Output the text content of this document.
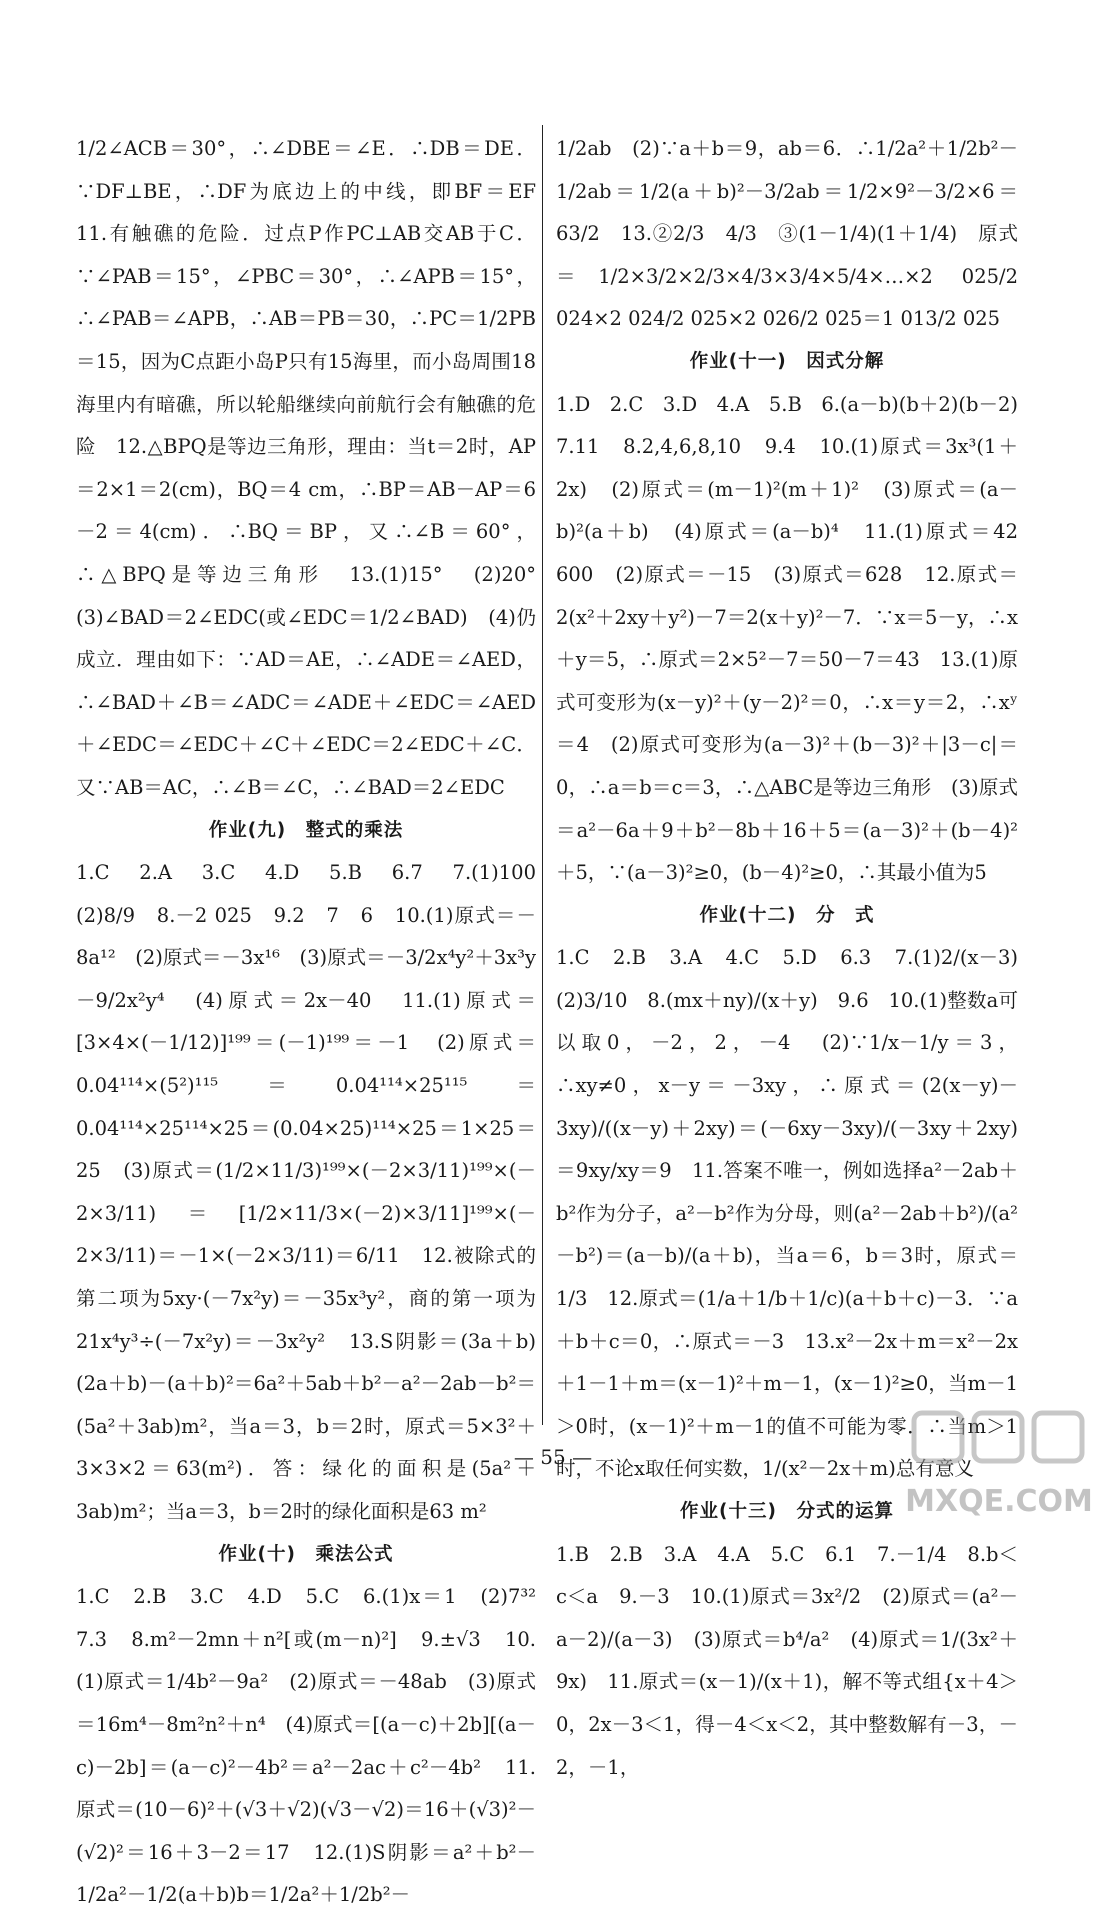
1/2∠ACB＝30°，∴∠DBE＝∠E．∴DB＝DE．∵DF⊥BE，∴DF为底边上的中线，即BF＝EF　11.有触礁的危险．过点P作PC⊥AB交AB于C．∵∠PAB＝15°，∠PBC＝30°，∴∠APB＝15°，∴∠PAB＝∠APB，∴AB＝PB＝30，∴PC＝1/2PB＝15，因为C点距小岛P只有15海里，而小岛周围18海里内有暗礁，所以轮船继续向前航行会有触礁的危险　12.△BPQ是等边三角形，理由：当t＝2时，AP＝2×1＝2(cm)，BQ＝4 cm，∴BP＝AB－AP＝6－2＝4(cm)．∴BQ＝BP，又∴∠B＝60°，∴△BPQ是等边三角形　13.(1)15°　(2)20°　(3)∠BAD＝2∠EDC(或∠EDC＝1/2∠BAD)　(4)仍成立．理由如下：∵AD＝AE，∴∠ADE＝∠AED，∴∠BAD＋∠B＝∠ADC＝∠ADE＋∠EDC＝∠AED＋∠EDC＝∠EDC＋∠C＋∠EDC＝2∠EDC＋∠C．又∵AB＝AC，∴∠B＝∠C，∴∠BAD＝2∠EDC
作业(九)　整式的乘法
1.C　2.A　3.C　4.D　5.B　6.7　7.(1)100　(2)8/9　8.－2 025　9.2　7　6　10.(1)原式＝－8a¹²　(2)原式＝－3x¹⁶　(3)原式＝－3/2x⁴y²＋3x³y－9/2x²y⁴　(4)原式＝2x－40　11.(1)原式＝[3×4×(－1/12)]¹⁹⁹＝(－1)¹⁹⁹＝－1　(2)原式＝0.04¹¹⁴×(5²)¹¹⁵＝0.04¹¹⁴×25¹¹⁵＝0.04¹¹⁴×25¹¹⁴×25＝(0.04×25)¹¹⁴×25＝1×25＝25　(3)原式＝(1/2×11/3)¹⁹⁹×(－2×3/11)¹⁹⁹×(－2×3/11)＝[1/2×11/3×(－2)×3/11]¹⁹⁹×(－2×3/11)＝－1×(－2×3/11)＝6/11　12.被除式的第二项为5xy·(－7x²y)＝－35x³y²，商的第一项为21x⁴y³÷(－7x²y)＝－3x²y²　13.S阴影＝(3a＋b)(2a＋b)－(a＋b)²＝6a²＋5ab＋b²－a²－2ab－b²＝(5a²＋3ab)m²，当a＝3，b＝2时，原式＝5×3²＋3×3×2＝63(m²)．答：绿化的面积是(5a²＋3ab)m²；当a＝3，b＝2时的绿化面积是63 m²
作业(十)　乘法公式
1.C　2.B　3.C　4.D　5.C　6.(1)x＝1　(2)7³²　7.3　8.m²－2mn＋n²[或(m－n)²]　9.±√3　10.(1)原式＝1/4b²－9a²　(2)原式＝－48ab　(3)原式＝16m⁴－8m²n²＋n⁴　(4)原式＝[(a－c)＋2b][(a－c)－2b]＝(a－c)²－4b²＝a²－2ac＋c²－4b²　11.原式＝(10－6)²＋(√3＋√2)(√3－√2)＝16＋(√3)²－(√2)²＝16＋3－2＝17　12.(1)S阴影＝a²＋b²－1/2a²－1/2(a＋b)b＝1/2a²＋1/2b²－
1/2ab　(2)∵a＋b＝9，ab＝6．∴1/2a²＋1/2b²－1/2ab＝1/2(a＋b)²－3/2ab＝1/2×9²－3/2×6＝63/2　13.②2/3　4/3　③(1－1/4)(1＋1/4)　原式＝1/2×3/2×2/3×4/3×3/4×5/4×…×2 025/2 024×2 024/2 025×2 026/2 025＝1 013/2 025
作业(十一)　因式分解
1.D　2.C　3.D　4.A　5.B　6.(a－b)(b＋2)(b－2)　7.11　8.2,4,6,8,10　9.4　10.(1)原式＝3x³(1＋2x)　(2)原式＝(m－1)²(m＋1)²　(3)原式＝(a－b)²(a＋b)　(4)原式＝(a－b)⁴　11.(1)原式＝42 600　(2)原式＝－15　(3)原式＝628　12.原式＝2(x²＋2xy＋y²)－7＝2(x＋y)²－7．∵x＝5－y，∴x＋y＝5，∴原式＝2×5²－7＝50－7＝43　13.(1)原式可变形为(x－y)²＋(y－2)²＝0，∴x＝y＝2，∴xʸ＝4　(2)原式可变形为(a－3)²＋(b－3)²＋|3－c|＝0，∴a＝b＝c＝3，∴△ABC是等边三角形　(3)原式＝a²－6a＋9＋b²－8b＋16＋5＝(a－3)²＋(b－4)²＋5，∵(a－3)²≥0，(b－4)²≥0，∴其最小值为5
作业(十二)　分　式
1.C　2.B　3.A　4.C　5.D　6.3　7.(1)2/(x－3)　(2)3/10　8.(mx＋ny)/(x＋y)　9.6　10.(1)整数a可以取0，－2，2，－4　(2)∵1/x－1/y＝3，∴xy≠0，x－y＝－3xy，∴原式＝(2(x－y)－3xy)/((x－y)＋2xy)＝(－6xy－3xy)/(－3xy＋2xy)＝9xy/xy＝9　11.答案不唯一，例如选择a²－2ab＋b²作为分子，a²－b²作为分母，则(a²－2ab＋b²)/(a²－b²)＝(a－b)/(a＋b)，当a＝6，b＝3时，原式＝1/3　12.原式＝(1/a＋1/b＋1/c)(a＋b＋c)－3．∵a＋b＋c＝0，∴原式＝－3　13.x²－2x＋m＝x²－2x＋1－1＋m＝(x－1)²＋m－1，(x－1)²≥0，当m－1＞0时，(x－1)²＋m－1的值不可能为零．∴当m＞1时，不论x取任何实数，1/(x²－2x＋m)总有意义
作业(十三)　分式的运算
1.B　2.B　3.A　4.A　5.C　6.1　7.－1/4　8.b＜c＜a　9.－3　10.(1)原式＝3x²/2　(2)原式＝(a²－a－2)/(a－3)　(3)原式＝b⁴/a²　(4)原式＝1/(3x²＋9x)　11.原式＝(x－1)/(x＋1)，解不等式组{x＋4＞0，2x－3＜1，得－4＜x＜2，其中整数解有－3，－2，－1，
— 55 —
MXQE.COM
